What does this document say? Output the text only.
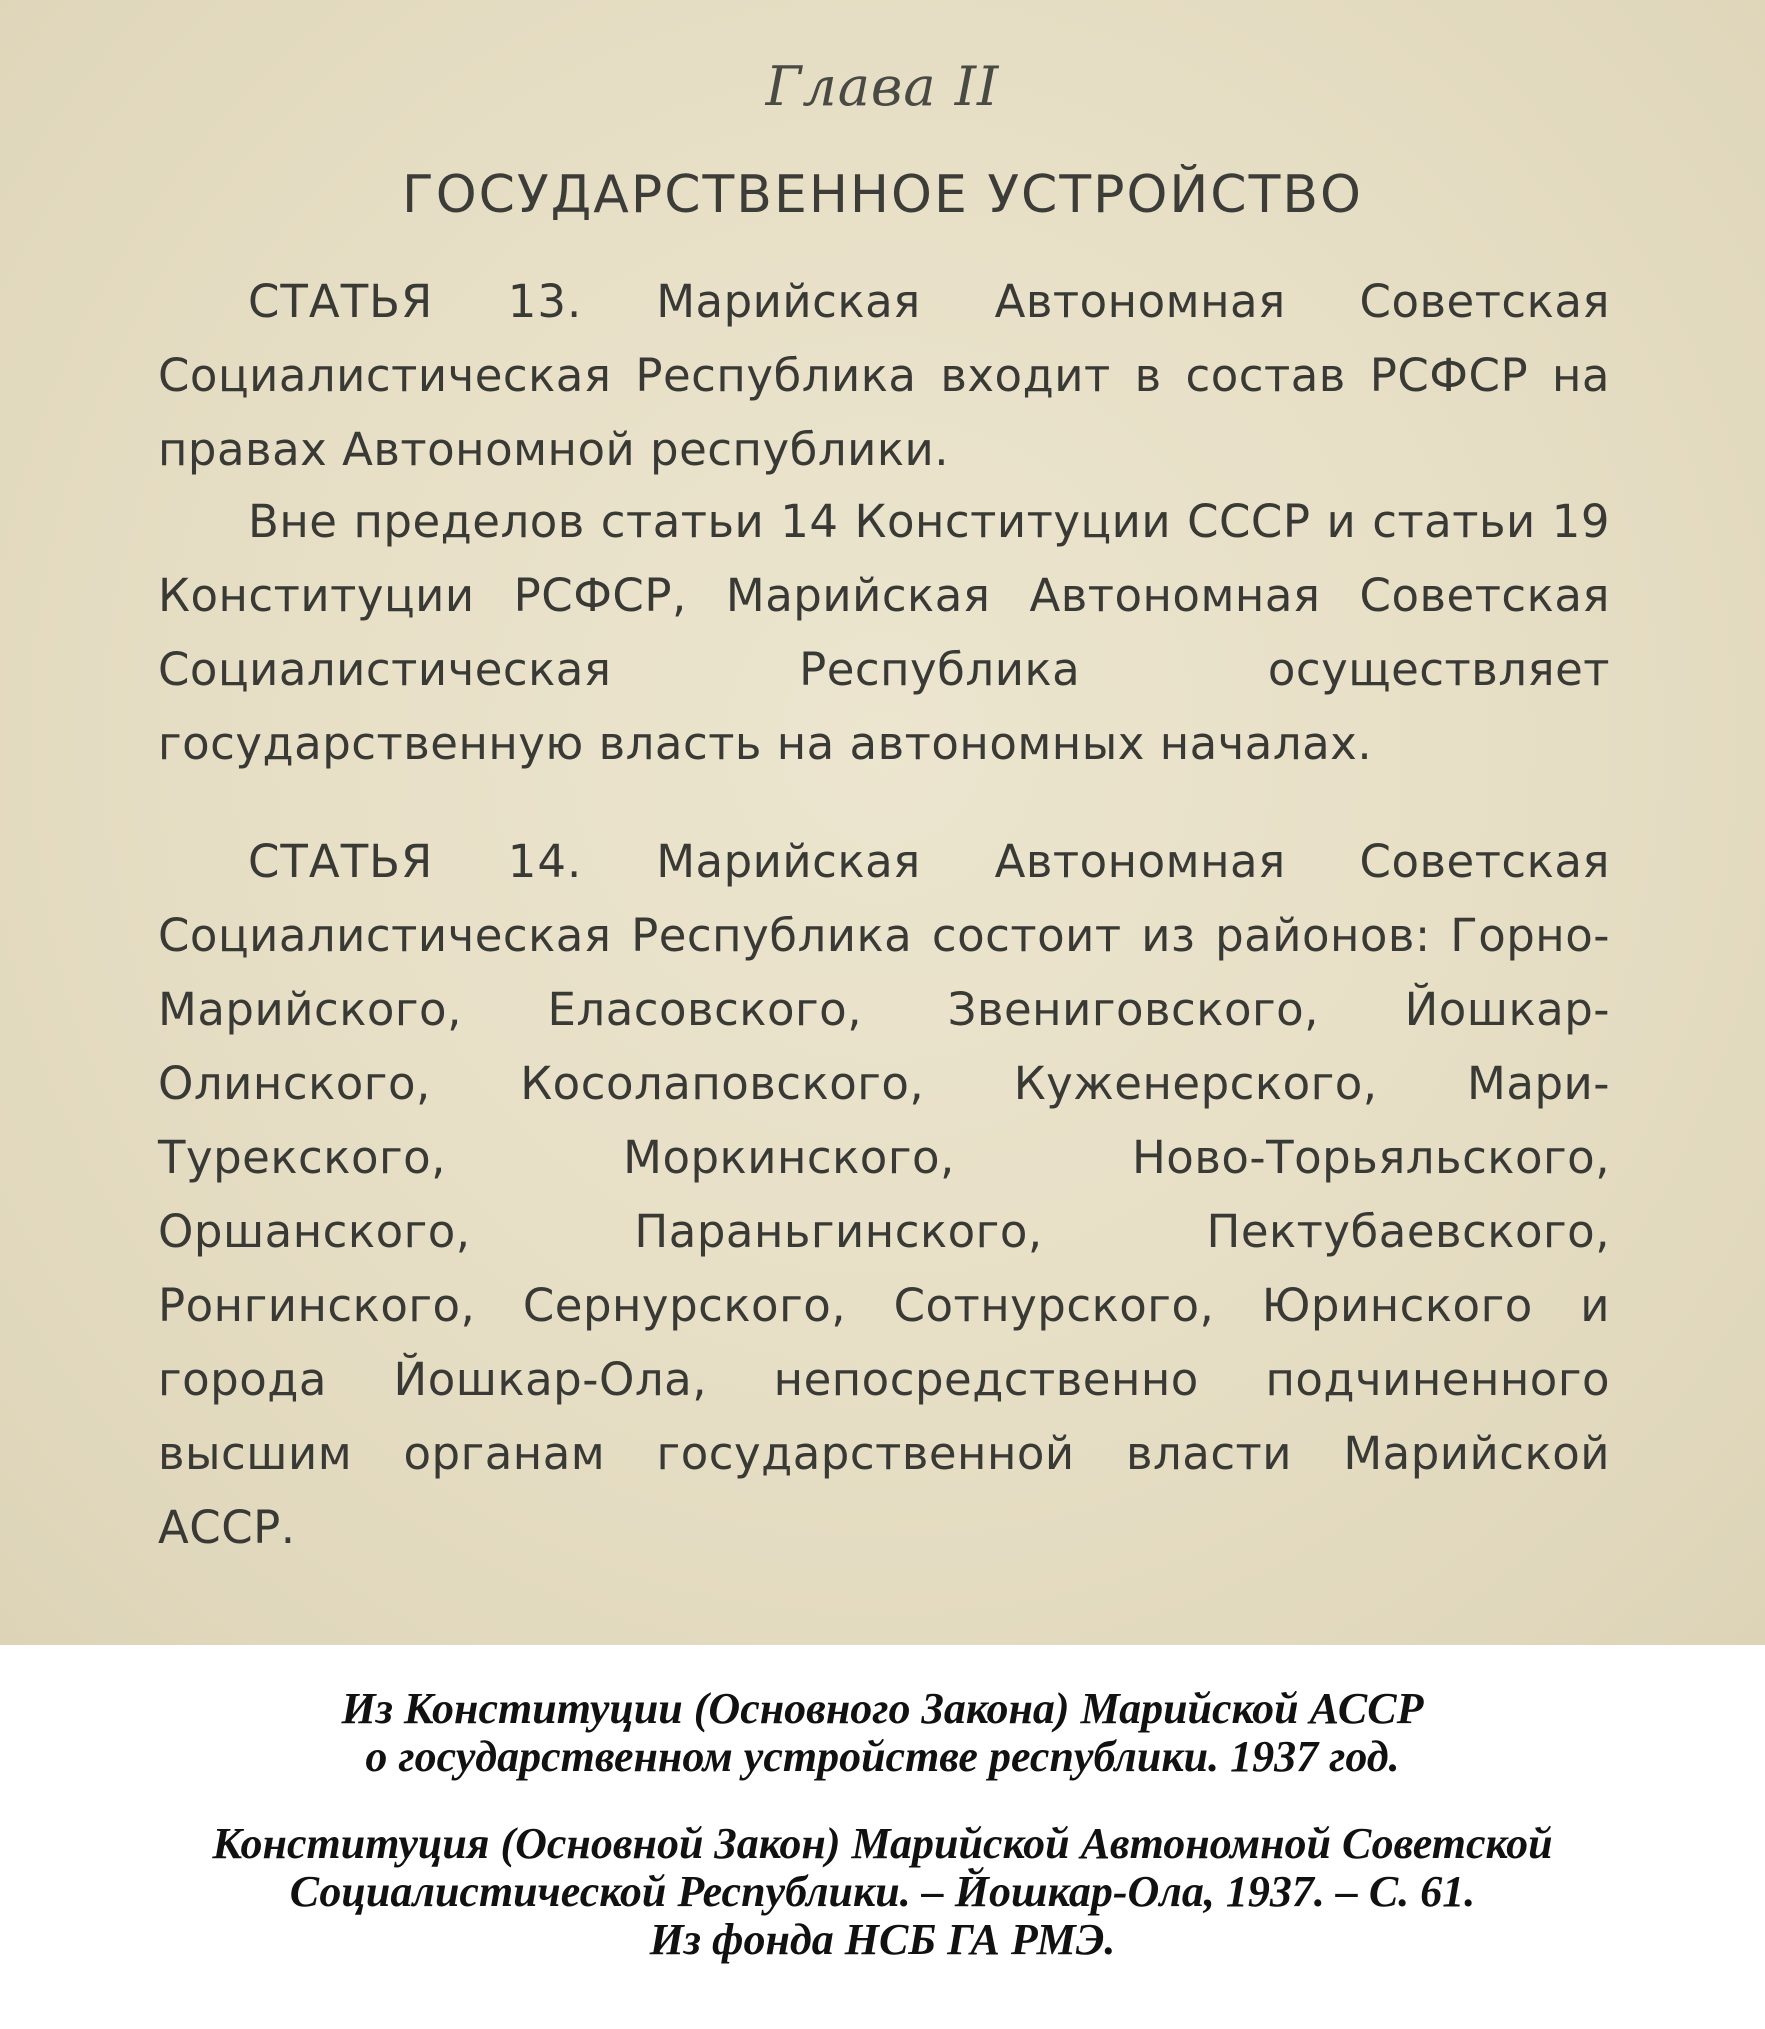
Глава II
ГОСУДАРСТВЕННОЕ УСТРОЙСТВО
СТАТЬЯ 13. Марийская Автономная Советская Социалистическая Республика входит в состав РСФСР на правах Автономной республики.
Вне пределов статьи 14 Конституции СССР и статьи 19 Конституции РСФСР, Марийская Автономная Советская Социалистическая Республика осуществляет государственную власть на автономных началах.
СТАТЬЯ 14. Марийская Автономная Советская Социалистическая Республика состоит из районов: Горно-Марийского, Еласовского, Звениговского, Йошкар-Олинского, Косолаповского, Куженерского, Мари-Турекского, Моркинского, Ново-Торьяльского, Оршанского, Параньгинского, Пектубаевского, Ронгинского, Сернурского, Сотнурского, Юринского и города Йошкар-Ола, непосредственно подчиненного высшим органам государственной власти Марийской АССР.
Из Конституции (Основного Закона) Марийской АССР
о государственном устройстве республики. 1937 год.
Конституция (Основной Закон) Марийской Автономной Советской
Социалистической Республики. – Йошкар-Ола, 1937. – С. 61.
Из фонда НСБ ГА РМЭ.
